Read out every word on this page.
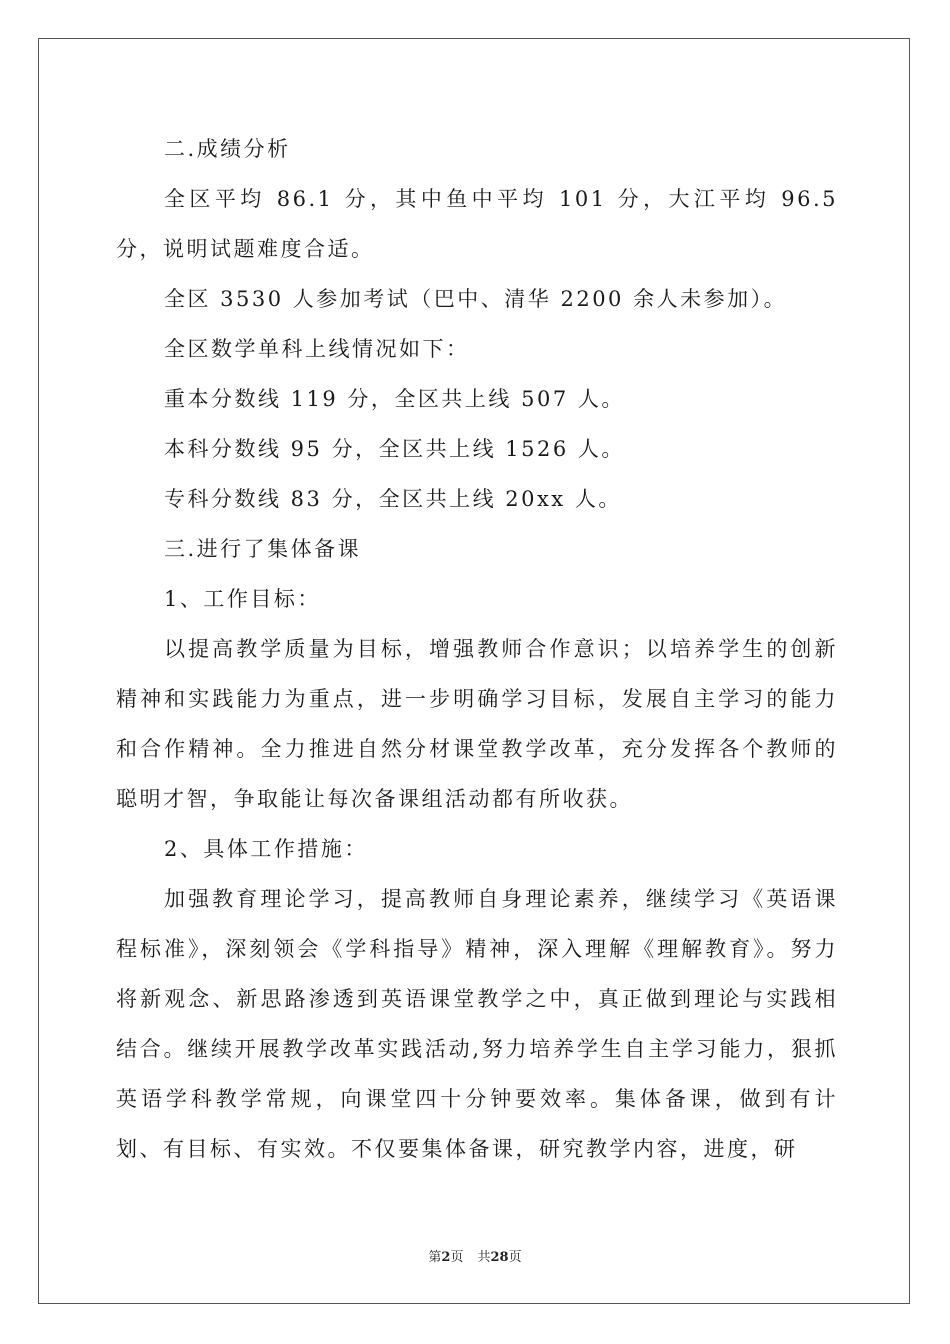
二.成绩分析

全区平均 86.1 分，其中鱼中平均 101 分，大江平均 96.5 分，说明试题难度合适。

全区 3530 人参加考试（巴中、清华 2200 余人未参加）。

全区数学单科上线情况如下：

重本分数线 119 分，全区共上线 507 人。

本科分数线 95 分，全区共上线 1526 人。

专科分数线 83 分，全区共上线 20xx 人。

三.进行了集体备课

1、工作目标：

以提高教学质量为目标，增强教师合作意识；以培养学生的创新精神和实践能力为重点，进一步明确学习目标，发展自主学习的能力和合作精神。全力推进自然分材课堂教学改革，充分发挥各个教师的聪明才智，争取能让每次备课组活动都有所收获。

2、具体工作措施：

加强教育理论学习，提高教师自身理论素养，继续学习《英语课程标准》，深刻领会《学科指导》精神，深入理解《理解教育》。努力将新观念、新思路渗透到英语课堂教学之中，真正做到理论与实践相结合。继续开展教学改革实践活动,努力培养学生自主学习能力，狠抓英语学科教学常规，向课堂四十分钟要效率。集体备课，做到有计划、有目标、有实效。不仅要集体备课，研究教学内容，进度，研

第2页 共28页
